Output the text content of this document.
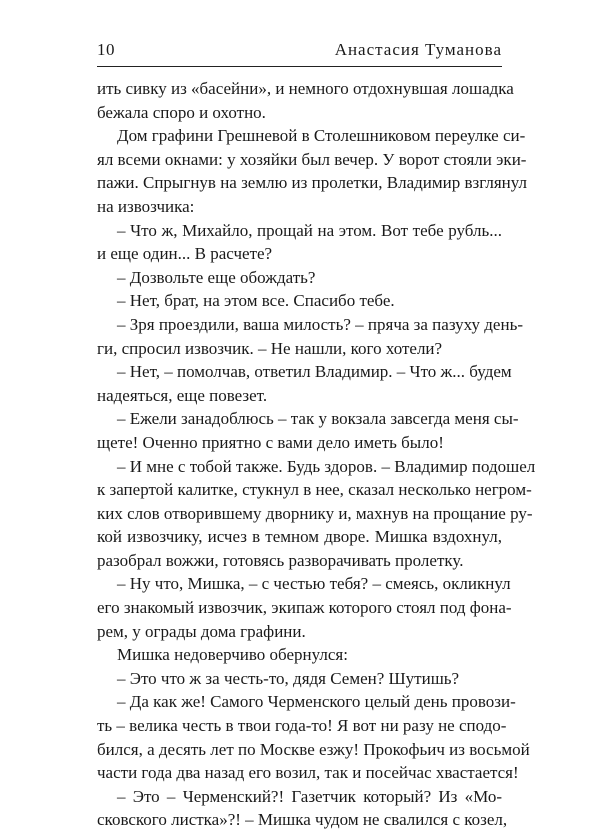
10	Анастасия Туманова
ить сивку из «басейни», и немного отдохнувшая лошадка
бежала споро и охотно.
Дом графини Грешневой в Столешниковом переулке си-
ял всеми окнами: у хозяйки был вечер. У ворот стояли эки-
пажи. Спрыгнув на землю из пролетки, Владимир взглянул
на извозчика:
– Что ж, Михайло, прощай на этом. Вот тебе рубль...
и еще один... В расчете?
– Дозвольте еще обождать?
– Нет, брат, на этом все. Спасибо тебе.
– Зря проездили, ваша милость? – пряча за пазуху день-
ги, спросил извозчик. – Не нашли, кого хотели?
– Нет, – помолчав, ответил Владимир. – Что ж... будем
надеяться, еще повезет.
– Ежели занадоблюсь – так у вокзала завсегда меня сы-
щете! Оченно приятно с вами дело иметь было!
– И мне с тобой также. Будь здоров. – Владимир подошел
к запертой калитке, стукнул в нее, сказал несколько негром-
ких слов отворившему дворнику и, махнув на прощание ру-
кой извозчику, исчез в темном дворе. Мишка вздохнул,
разобрал вожжи, готовясь разворачивать пролетку.
– Ну что, Мишка, – с честью тебя? – смеясь, окликнул
его знакомый извозчик, экипаж которого стоял под фона-
рем, у ограды дома графини.
Мишка недоверчиво обернулся:
– Это что ж за честь-то, дядя Семен? Шутишь?
– Да как же! Самого Черменского целый день провози-
ть – велика честь в твои года-то! Я вот ни разу не сподо-
бился, а десять лет по Москве езжу! Прокофьич из восьмой
части года два назад его возил, так и посейчас хвастается!
– Это – Черменский?! Газетчик который? Из «Мо-
сковского листка»?! – Мишка чудом не свалился с козел,
